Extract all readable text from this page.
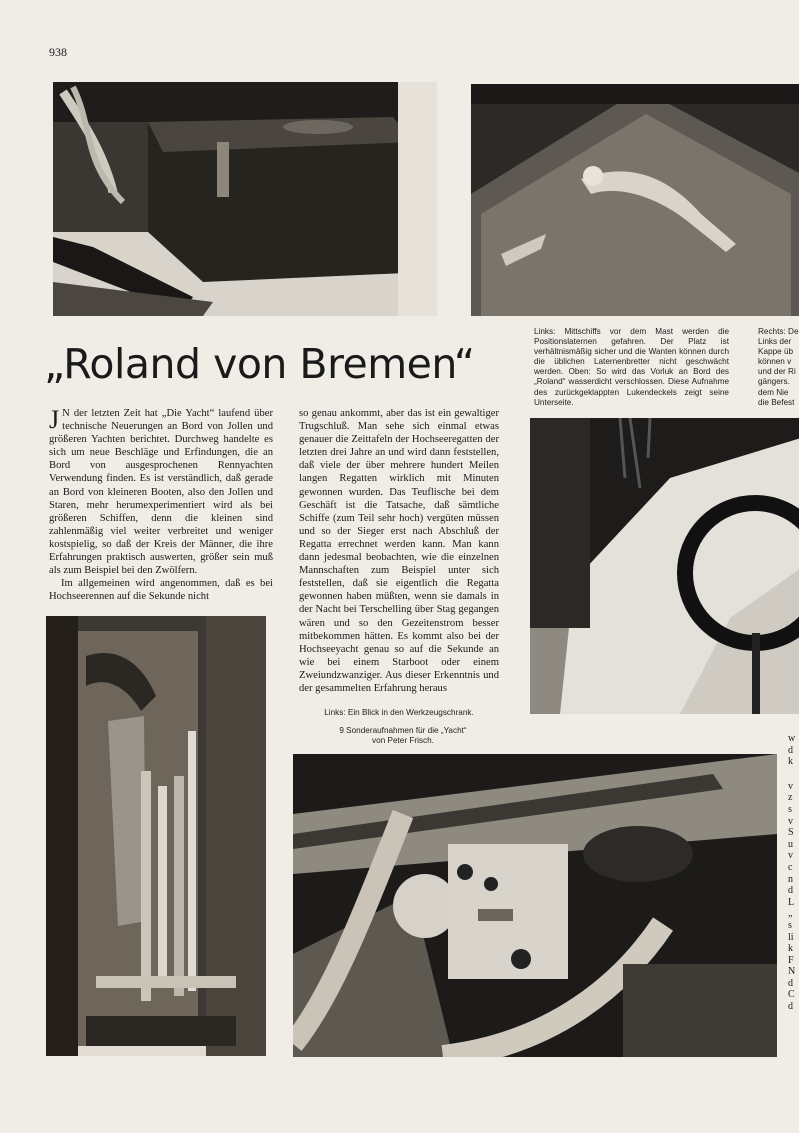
938
„Roland von Bremen“
Links: Mittschiffs vor dem Mast werden die Positionslaternen gefahren. Der Platz ist verhältnismäßig sicher und die Wanten können durch die üblichen Laternenbretter nicht geschwächt werden. Oben: So wird das Vorluk an Bord des „Roland“ wasserdicht verschlossen. Diese Aufnahme des zurückgeklappten Lukendeckels zeigt seine Unterseite.
Rechts: De
Links der
Kappe üb
können v
und der Ri
gängers.
dem Nie
die Befest

J N der letzten Zeit hat „Die Yacht“ laufend über technische Neuerungen an Bord von Jollen und größeren Yachten berichtet. Durchweg handelte es sich um neue Beschläge und Erfindungen, die an Bord von ausgesprochenen Rennyachten Verwendung finden. Es ist verständlich, daß gerade an Bord von kleineren Booten, also den Jollen und Staren, mehr herumexperimentiert wird als bei größeren Schiffen, denn die kleinen sind zahlenmäßig viel weiter verbreitet und weniger kostspielig, so daß der Kreis der Männer, die ihre Erfahrungen praktisch auswerten, größer sein muß als zum Beispiel bei den Zwölfern.

Im allgemeinen wird angenommen, daß es bei Hochseerennen auf die Sekunde nicht

so genau ankommt, aber das ist ein gewaltiger Trugschluß. Man sehe sich einmal etwas genauer die Zeittafeln der Hochseeregatten der letzten drei Jahre an und wird dann feststellen, daß viele der über mehrere hundert Meilen langen Regatten wirklich mit Minuten gewonnen wurden. Das Teuflische bei dem Geschäft ist die Tatsache, daß sämtliche Schiffe (zum Teil sehr hoch) vergüten müssen und so der Sieger erst nach Abschluß der Regatta errechnet werden kann. Man kann dann jedesmal beobachten, wie die einzelnen Mannschaften zum Beispiel unter sich feststellen, daß sie eigentlich die Regatta gewonnen haben müßten, wenn sie damals in der Nacht bei Terschelling über Stag gegangen wären und so den Gezeitenstrom besser mitbekommen hätten. Es kommt also bei der Hochseeyacht genau so auf die Sekunde an wie bei einem Starboot oder einem Zweiundzwanziger. Aus dieser Erkenntnis und der gesammelten Erfahrung heraus

Links: Ein Blick in den Werkzeugschrank.
9 Sonderaufnahmen für die „Yacht“ von Peter Frisch.	w
d
k
v
z
s
v
S
u
v
c
n
d
L
„
s
li
k
F
N
d
C
d
